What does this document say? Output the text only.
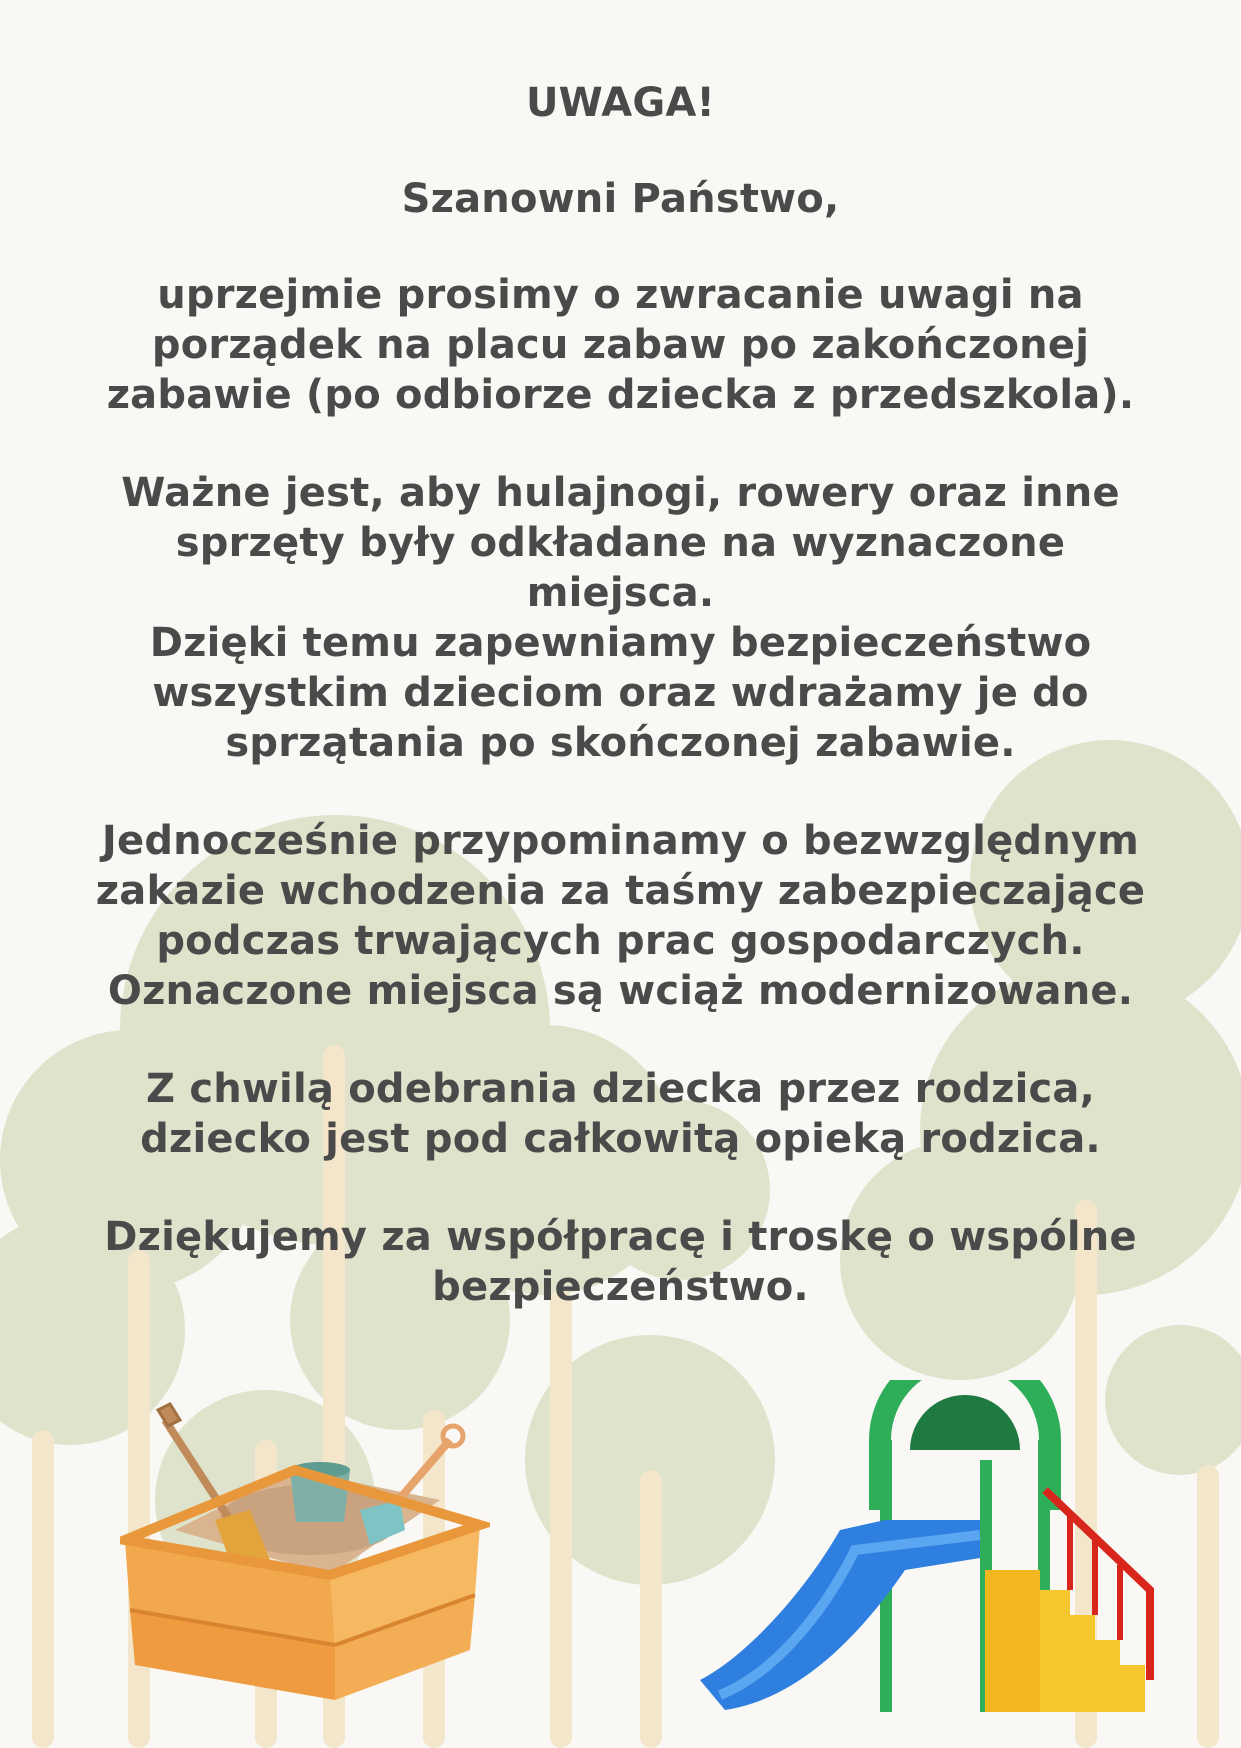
UWAGA!

Szanowni Państwo,

uprzejmie prosimy o zwracanie uwagi na
porządek na placu zabaw po zakończonej
zabawie (po odbiorze dziecka z przedszkola).

Ważne jest, aby hulajnogi, rowery oraz inne
sprzęty były odkładane na wyznaczone
miejsca.

Dzięki temu zapewniamy bezpieczeństwo
wszystkim dzieciom oraz wdrażamy je do
sprzątania po skończonej zabawie.

Jednocześnie przypominamy o bezwzględnym
zakazie wchodzenia za taśmy zabezpieczające
podczas trwających prac gospodarczych.
Oznaczone miejsca są wciąż modernizowane.

Z chwilą odebrania dziecka przez rodzica,
dziecko jest pod całkowitą opieką rodzica.

Dziękujemy za współpracę i troskę o wspólne
bezpieczeństwo.
